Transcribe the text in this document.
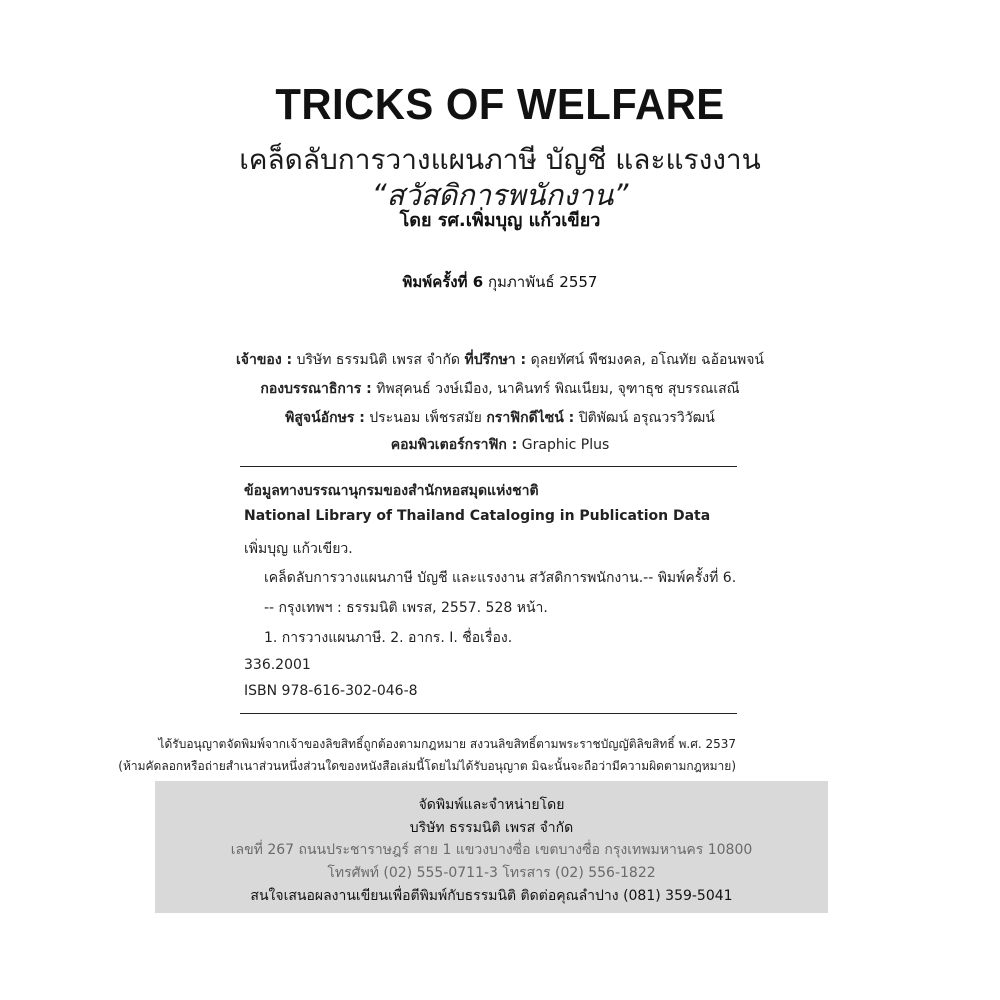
TRICKS OF WELFARE
เคล็ดลับการวางแผนภาษี บัญชี และแรงงาน
“สวัสดิการพนักงาน”
โดย รศ.เพิ่มบุญ แก้วเขียว
พิมพ์ครั้งที่ 6 กุมภาพันธ์ 2557
เจ้าของ : บริษัท ธรรมนิติ เพรส จำกัด ที่ปรึกษา : ดุลยทัศน์ พืชมงคล, อโณทัย ฉอ้อนพจน์
กองบรรณาธิการ : ทิพสุคนธ์ วงษ์เมือง, นาคินทร์ พิณเนียม, จุฑาธุช สุบรรณเสณี
พิสูจน์อักษร : ประนอม เพ็ชรสมัย กราฟิกดีไซน์ : ปิติพัฒน์ อรุณวรวิวัฒน์
คอมพิวเตอร์กราฟิก : Graphic Plus
ข้อมูลทางบรรณานุกรมของสำนักหอสมุดแห่งชาติ
National Library of Thailand Cataloging in Publication Data
เพิ่มบุญ แก้วเขียว.
เคล็ดลับการวางแผนภาษี บัญชี และแรงงาน สวัสดิการพนักงาน.-- พิมพ์ครั้งที่ 6.
-- กรุงเทพฯ : ธรรมนิติ เพรส, 2557. 528 หน้า.
1. การวางแผนภาษี. 2. อากร. I. ชื่อเรื่อง.
336.2001
ISBN 978-616-302-046-8
ได้รับอนุญาตจัดพิมพ์จากเจ้าของลิขสิทธิ์ถูกต้องตามกฎหมาย สงวนลิขสิทธิ์ตามพระราชบัญญัติลิขสิทธิ์ พ.ศ. 2537
(ห้ามคัดลอกหรือถ่ายสำเนาส่วนหนึ่งส่วนใดของหนังสือเล่มนี้โดยไม่ได้รับอนุญาต มิฉะนั้นจะถือว่ามีความผิดตามกฎหมาย)
จัดพิมพ์และจำหน่ายโดย
บริษัท ธรรมนิติ เพรส จำกัด
เลขที่ 267 ถนนประชาราษฎร์ สาย 1 แขวงบางซื่อ เขตบางซื่อ กรุงเทพมหานคร 10800
โทรศัพท์ (02) 555-0711-3 โทรสาร (02) 556-1822
สนใจเสนอผลงานเขียนเพื่อตีพิมพ์กับธรรมนิติ ติดต่อคุณลำปาง (081) 359-5041
